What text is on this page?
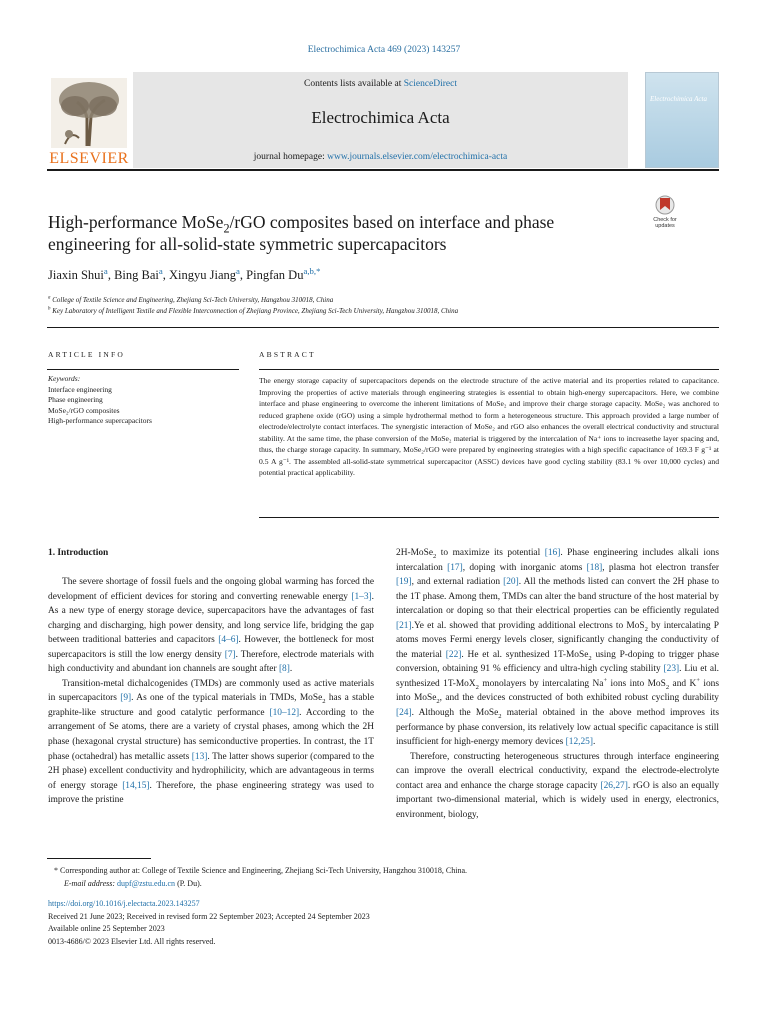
Electrochimica Acta 469 (2023) 143257
ELSEVIER
Contents lists available at ScienceDirect
Electrochimica Acta
journal homepage: www.journals.elsevier.com/electrochimica-acta
Electrochimica Acta
High-performance MoSe$_2$/rGO composites based on interface and phase
engineering for all-solid-state symmetric supercapacitors
Check for
updates
Jiaxin Shui$^a$, Bing Bai$^a$, Xingyu Jiang$^a$, Pingfan Du$^{a,b,*}$
$^a$ College of Textile Science and Engineering, Zhejiang Sci-Tech University, Hangzhou 310018, China
$^b$ Key Laboratory of Intelligent Textile and Flexible Interconnection of Zhejiang Province, Zhejiang Sci-Tech University, Hangzhou 310018, China
ARTICLE INFO
Keywords:
Interface engineering
Phase engineering
MoSe₂/rGO composites
High-performance supercapacitors
ABSTRACT
The energy storage capacity of supercapacitors depends on the electrode structure of the active material and its properties related to capacitance. Improving the properties of active materials through engineering strategies is essential to obtain high-energy supercapacitors. Here, we combine interface and phase engineering to overcome the inherent limitations of MoSe₂ and improve their charge storage capacity. MoSe₂ was anchored to reduced graphene oxide (rGO) using a simple hydrothermal method to form a heterogeneous structure. This approach provided a large number of electrode/electrolyte contact interfaces. The synergistic interaction of MoSe₂ and rGO also enhances the overall electrical conductivity and structural stability. At the same time, the phase conversion of the MoSe₂ material is triggered by the intercalation of Na⁺ ions to increasethe layer spacing and, thus, the charge storage capacity. In summary, MoSe₂/rGO were prepared by engineering strategies with a high specific capacitance of 169.3 F g⁻¹ at 0.5 A g⁻¹. The assembled all-solid-state symmetrical supercapacitor (ASSC) devices have good cycling stability (83.1 % over 10,000 cycles) and potential practical applicability.
1. Introduction

The severe shortage of fossil fuels and the ongoing global warming has forced the development of efficient devices for storing and converting renewable energy [1–3]. As a new type of energy storage device, supercapacitors have the advantages of fast charging and discharging, high power density, and long service life, bridging the gap between traditional batteries and capacitors [4–6]. However, the bottleneck for most supercapacitors is still the low energy density [7]. Therefore, electrode materials with high conductivity and abundant ion channels are sought after [8].

Transition-metal dichalcogenides (TMDs) are commonly used as active materials in supercapacitors [9]. As one of the typical materials in TMDs, MoSe$_2$ has a stable graphite-like structure and good catalytic performance [10–12]. According to the arrangement of Se atoms, there are a variety of crystal phases, among which the 2H phase (hexagonal crystal structure) has semiconductive properties. In contrast, the 1T phase (octahedral) has metallic assets [13]. The latter shows superior (compared to the 2H phase) excellent conductivity and hydrophilicity, which are advantageous in terms of energy storage [14,15]. Therefore, the phase engineering strategy was used to improve the pristine

2H-MoSe$_2$ to maximize its potential [16]. Phase engineering includes alkali ions intercalation [17], doping with inorganic atoms [18], plasma hot electron transfer [19], and external radiation [20]. All the methods listed can convert the 2H phase to the 1T phase. Among them, TMDs can alter the band structure of the host material by intercalation or doping so that their electrical properties can be efficiently regulated [21].Ye et al. showed that providing additional electrons to MoS$_2$ by intercalating P atoms moves Fermi energy levels closer, significantly changing the conductivity of the material [22]. He et al. synthesized 1T-MoSe$_2$ using P-doping to trigger phase conversion, obtaining 91 % efficiency and ultra-high cycling stability [23]. Liu et al. synthesized 1T-MoX$_2$ monolayers by intercalating Na+ ions into MoS$_2$ and K+ ions into MoSe$_2$, and the devices constructed of both exhibited robust cycling durability [24]. Although the MoSe$_2$ material obtained in the above method improves its performance by phase conversion, its relatively low actual specific capacitance is still insufficient for high-energy memory devices [12,25].

Therefore, constructing heterogeneous structures through interface engineering can improve the overall electrical conductivity, expand the electrode-electrolyte contact area and enhance the charge storage capacity [26,27]. rGO is also an equally important two-dimensional material, which is widely used in energy, electronics, environment, biology,

* Corresponding author at: College of Textile Science and Engineering, Zhejiang Sci-Tech University, Hangzhou 310018, China.
E-mail address: dupf@zstu.edu.cn (P. Du).
https://doi.org/10.1016/j.electacta.2023.143257
Received 21 June 2023; Received in revised form 22 September 2023; Accepted 24 September 2023
Available online 25 September 2023
0013-4686/© 2023 Elsevier Ltd. All rights reserved.
